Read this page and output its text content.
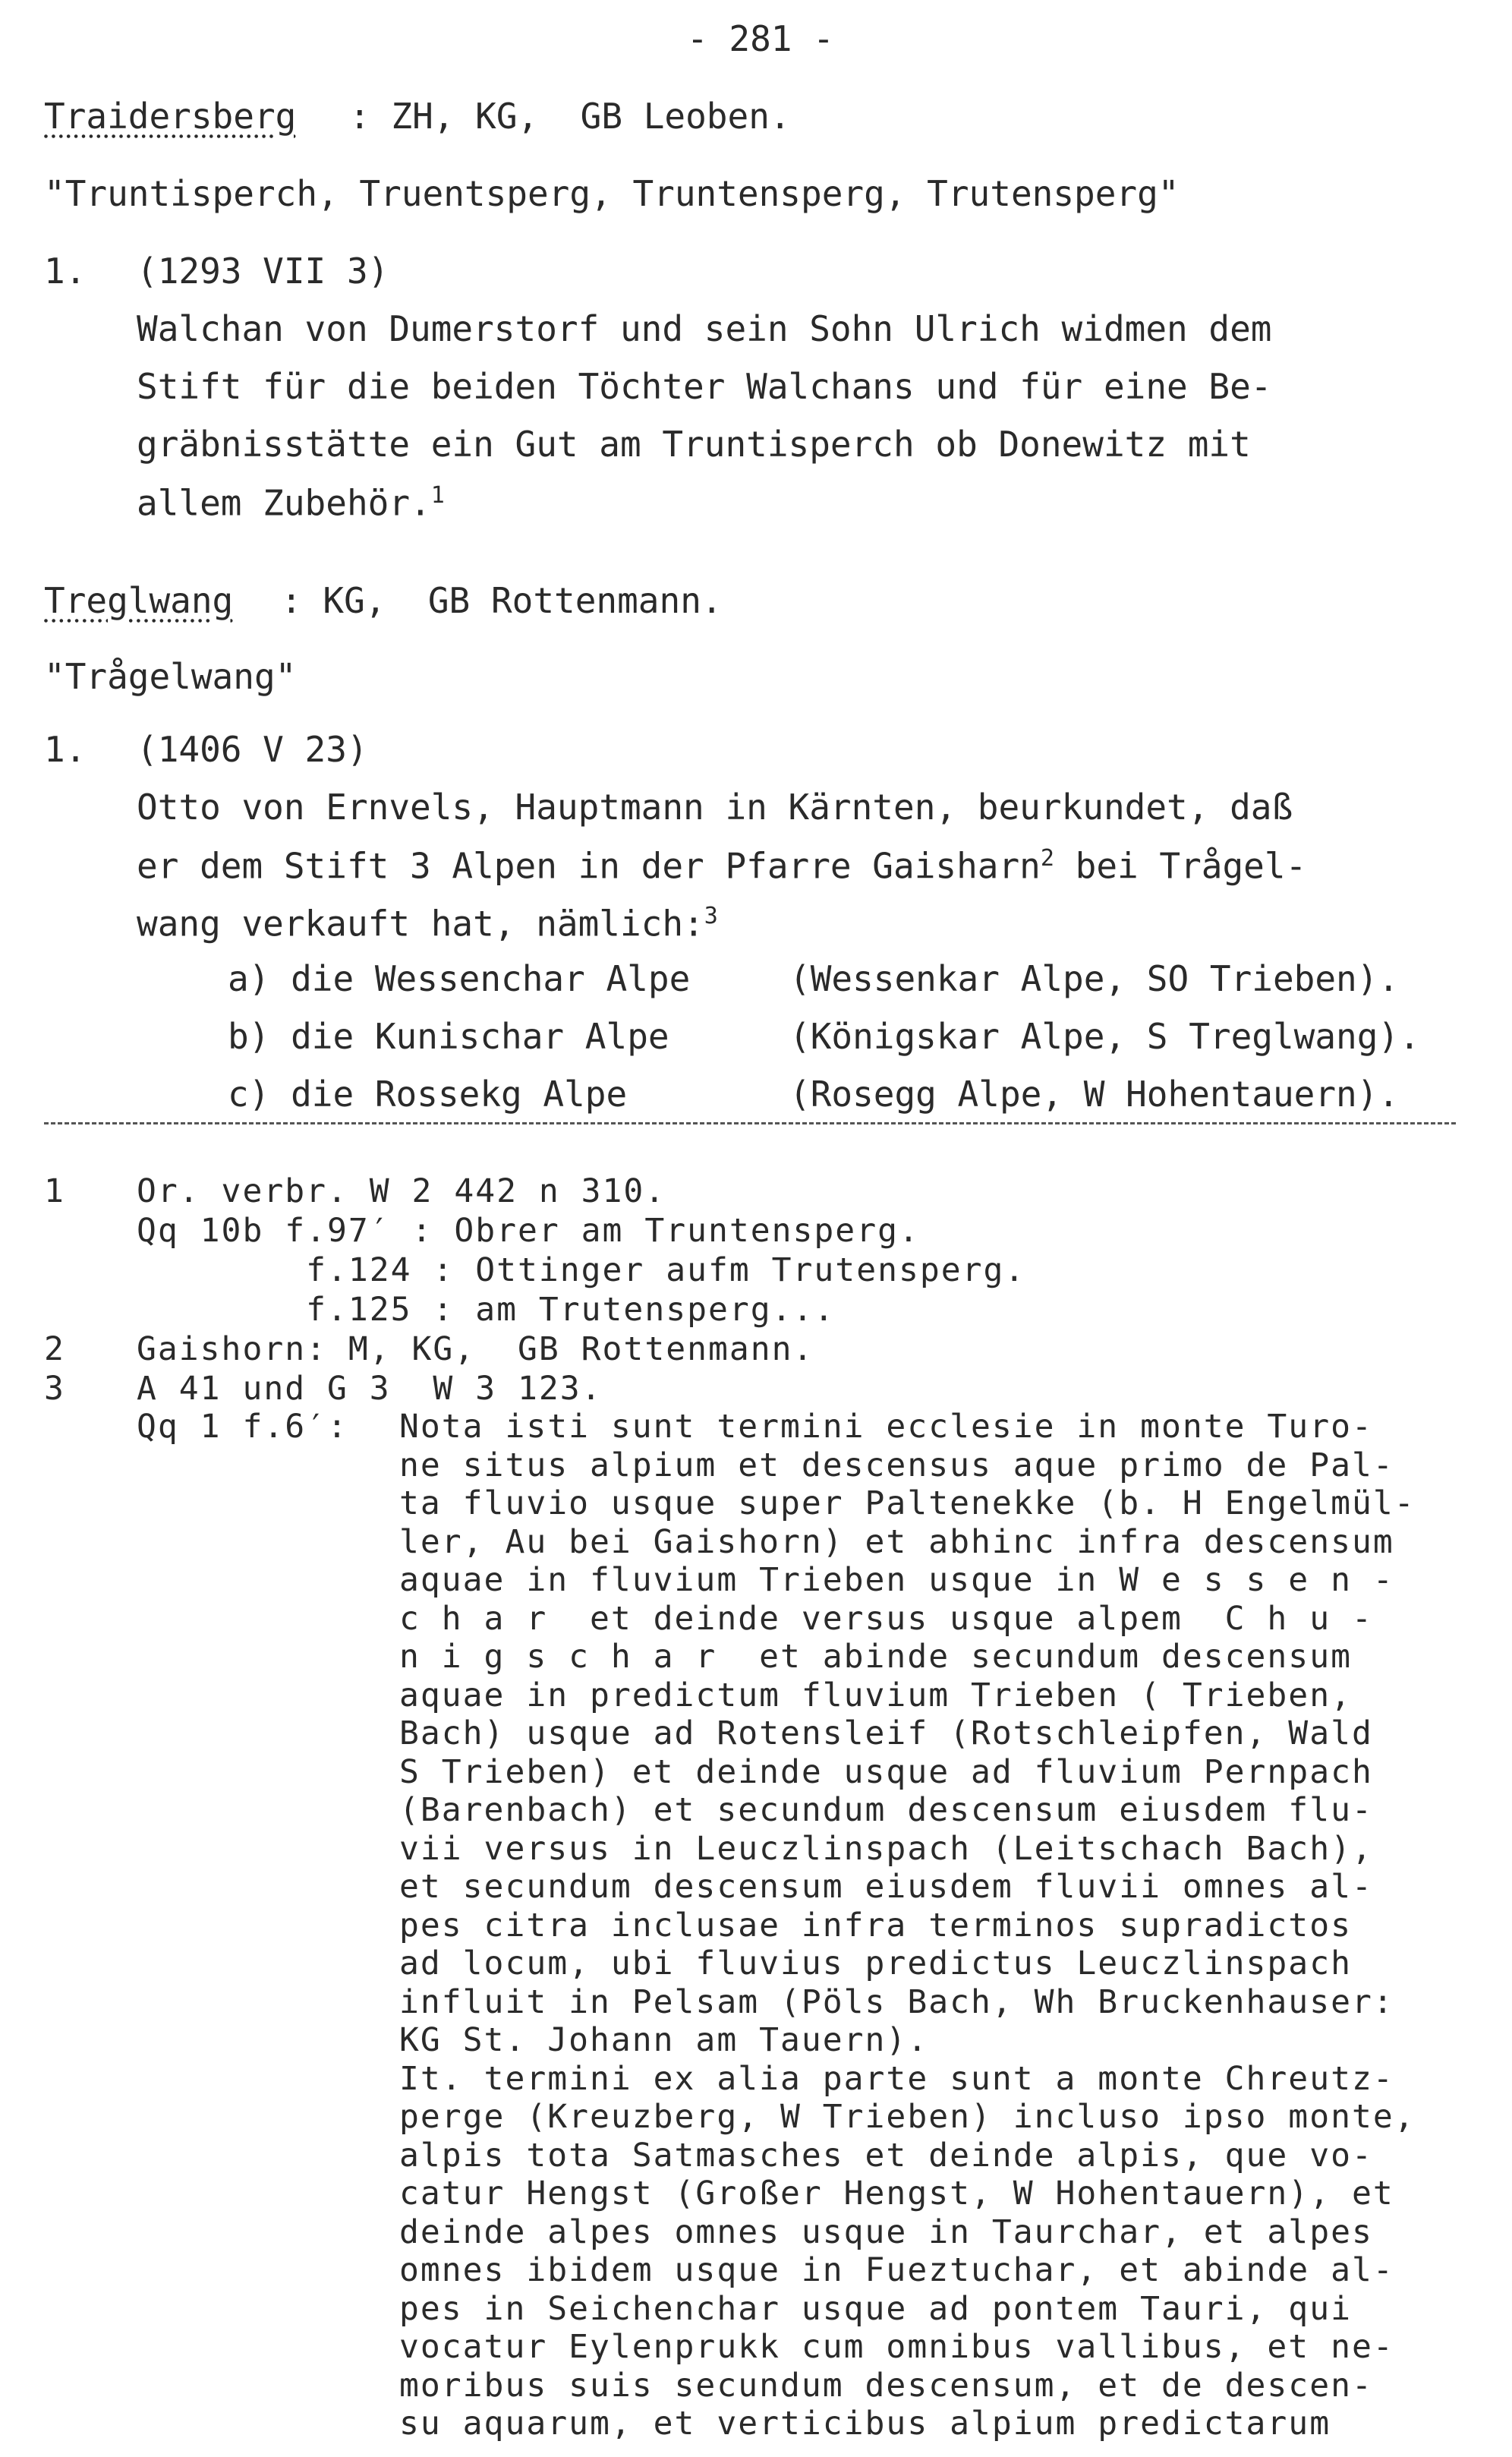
- 281 -
Traidersberg : ZH, KG,  GB Leoben.
"Truntisperch, Truentsperg, Truntensperg, Trutensperg"
1. (1293 VII 3)
Walchan von Dumerstorf und sein Sohn Ulrich widmen dem
Stift für die beiden Töchter Walchans und für eine Be-
gräbnisstätte ein Gut am Truntisperch ob Donewitz mit
allem Zubehör.$^1$
Treglwang : KG,  GB Rottenmann.
"Trågelwang"
1. (1406 V 23)
Otto von Ernvels, Hauptmann in Kärnten, beurkundet, daß
er dem Stift 3 Alpen in der Pfarre Gaisharn$^2$ bei Trågel-
wang verkauft hat, nämlich:$^3$
a) die Wessenchar Alpe	(Wessenkar Alpe, SO Trieben).
b) die Kunischar Alpe	(Königskar Alpe, S Treglwang).
c) die Rossekg Alpe	(Rosegg Alpe, W Hohentauern).
1 Or. verbr. W 2 442 n 310.
Qq 10b f.97′ : Obrer am Truntensperg.
f.124 : Ottinger aufm Trutensperg.
f.125 : am Trutensperg...
2 Gaishorn: M, KG,  GB Rottenmann.
3 A 41 und G 3  W 3 123.
Qq 1 f.6′: Nota isti sunt termini ecclesie in monte Turo-
ne situs alpium et descensus aque primo de Pal-
ta fluvio usque super Paltenekke (b. H Engelmül-
ler, Au bei Gaishorn) et abhinc infra descensum
aquae in fluvium Trieben usque in W e s s e n -
c h a r  et deinde versus usque alpem  C h u -
n i g s c h a r  et abinde secundum descensum
aquae in predictum fluvium Trieben ( Trieben,
Bach) usque ad Rotensleif (Rotschleipfen, Wald
S Trieben) et deinde usque ad fluvium Pernpach
(Barenbach) et secundum descensum eiusdem flu-
vii versus in Leuczlinspach (Leitschach Bach),
et secundum descensum eiusdem fluvii omnes al-
pes citra inclusae infra terminos supradictos
ad locum, ubi fluvius predictus Leuczlinspach
influit in Pelsam (Pöls Bach, Wh Bruckenhauser:
KG St. Johann am Tauern).
It. termini ex alia parte sunt a monte Chreutz-
perge (Kreuzberg, W Trieben) incluso ipso monte,
alpis tota Satmasches et deinde alpis, que vo-
catur Hengst (Großer Hengst, W Hohentauern), et
deinde alpes omnes usque in Taurchar, et alpes
omnes ibidem usque in Fueztuchar, et abinde al-
pes in Seichenchar usque ad pontem Tauri, qui
vocatur Eylenprukk cum omnibus vallibus, et ne-
moribus suis secundum descensum, et de descen-
su aquarum, et verticibus alpium predictarum
